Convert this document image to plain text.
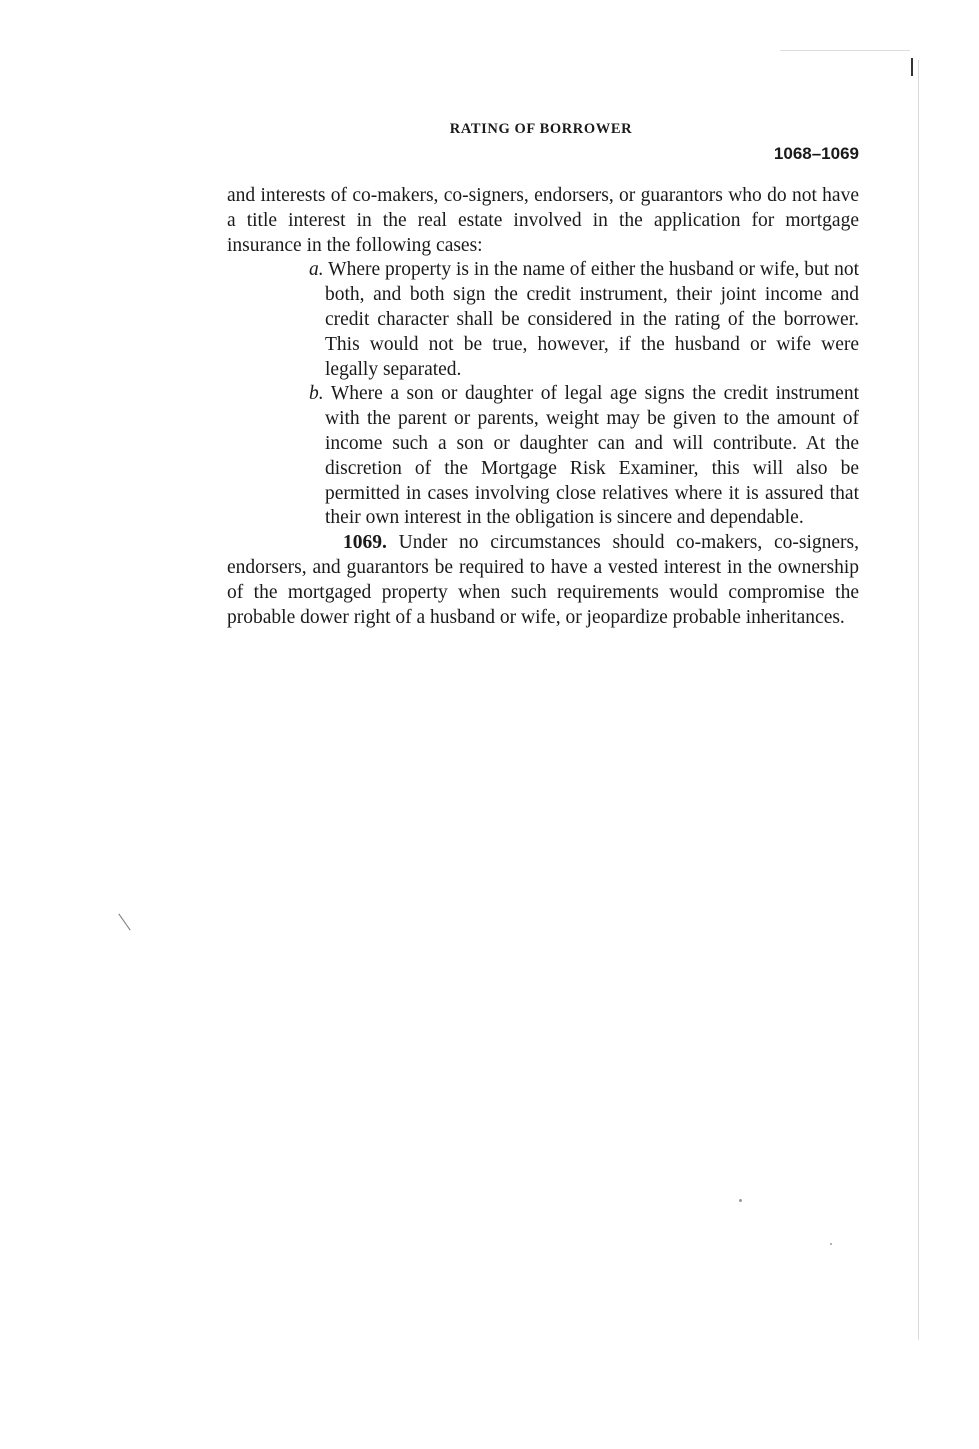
RATING OF BORROWER
1068–1069

and interests of co-makers, co-signers, endorsers, or guarantors who do not have a title interest in the real estate involved in the application for mortgage insurance in the following cases:

a. Where property is in the name of either the husband or wife, but not both, and both sign the credit instrument, their joint income and credit character shall be considered in the rating of the borrower. This would not be true, however, if the husband or wife were legally separated.
b. Where a son or daughter of legal age signs the credit instrument with the parent or parents, weight may be given to the amount of income such a son or daughter can and will contribute. At the discretion of the Mortgage Risk Examiner, this will also be permitted in cases involving close relatives where it is assured that their own interest in the obligation is sincere and dependable.

1069. Under no circumstances should co-makers, co-signers, endorsers, and guarantors be required to have a vested interest in the ownership of the mortgaged property when such requirements would compromise the probable dower right of a husband or wife, or jeopardize probable inheritances.
